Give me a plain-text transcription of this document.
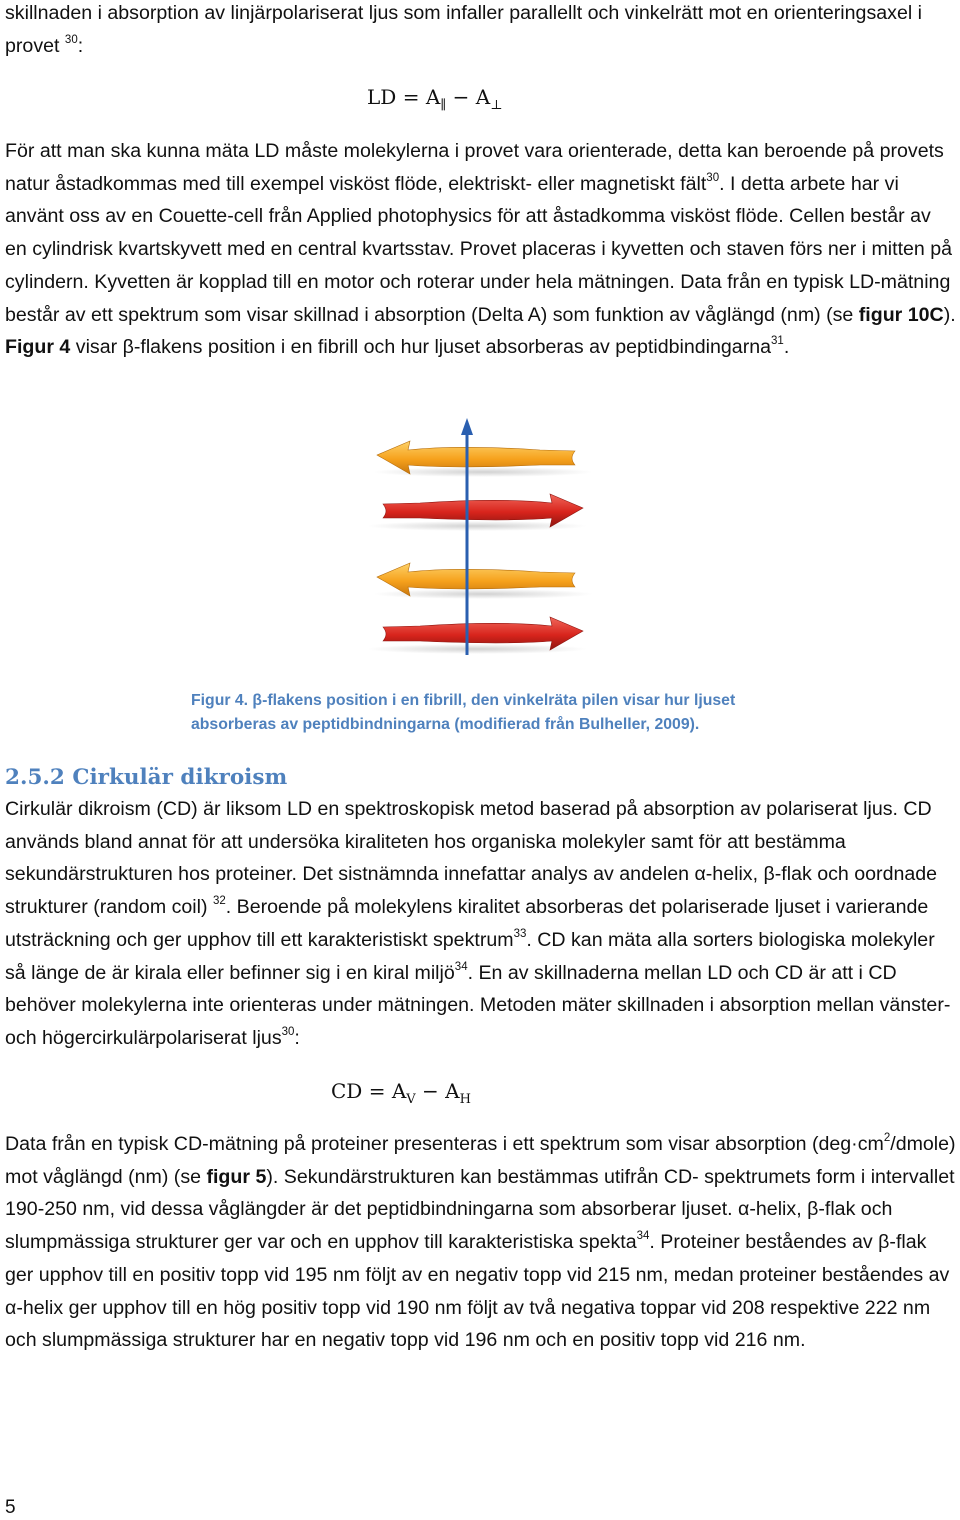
skillnaden i absorption av linjärpolariserat ljus som infaller parallellt och vinkelrätt mot en orienteringsaxel i provet $^{30}$:

LD = $A_\parallel - A_\perp$

För att man ska kunna mäta LD måste molekylerna i provet vara orienterade, detta kan beroende på provets natur åstadkommas med till exempel visköst flöde, elektriskt- eller magnetiskt fält$^{30}$. I detta arbete har vi använt oss av en Couette-cell från Applied photophysics för att åstadkomma visköst flöde. Cellen består av en cylindrisk kvartskyvett med en central kvartsstav. Provet placeras i kyvetten och staven förs ner i mitten på cylindern. Kyvetten är kopplad till en motor och roterar under hela mätningen. Data från en typisk LD-mätning består av ett spektrum som visar skillnad i absorption (Delta A) som funktion av våglängd (nm) (se figur 10C). Figur 4 visar β-flakens position i en fibrill och hur ljuset absorberas av peptidbindingarna$^{31}$.

Figur 4. β-flakens position i en fibrill, den vinkelräta pilen visar hur ljuset absorberas av peptidbindningarna (modifierad från Bulheller, 2009).
2.5.2 Cirkulär dikroism

Cirkulär dikroism (CD) är liksom LD en spektroskopisk metod baserad på absorption av polariserat ljus. CD används bland annat för att undersöka kiraliteten hos organiska molekyler samt för att bestämma sekundärstrukturen hos proteiner. Det sistnämnda innefattar analys av andelen α-helix, β-flak och oordnade strukturer (random coil) $^{32}$. Beroende på molekylens kiralitet absorberas det polariserade ljuset i varierande utsträckning och ger upphov till ett karakteristiskt spektrum$^{33}$. CD kan mäta alla sorters biologiska molekyler så länge de är kirala eller befinner sig i en kiral miljö$^{34}$. En av skillnaderna mellan LD och CD är att i CD behöver molekylerna inte orienteras under mätningen. Metoden mäter skillnaden i absorption mellan vänster- och högercirkulärpolariserat ljus$^{30}$:

CD = $A_V - A_H$

Data från en typisk CD-mätning på proteiner presenteras i ett spektrum som visar absorption $(deg\cdot cm^2/dmole)$ mot våglängd (nm) (se figur 5). Sekundärstrukturen kan bestämmas utifrån CD- spektrumets form i intervallet 190-250 nm, vid dessa våglängder är det peptidbindningarna som absorberar ljuset. α-helix, β-flak och slumpmässiga strukturer ger var och en upphov till karakteristiska spekta$^{34}$. Proteiner beståendes av β-flak ger upphov till en positiv topp vid 195 nm följt av en negativ topp vid 215 nm, medan proteiner beståendes av α-helix ger upphov till en hög positiv topp vid 190 nm följt av två negativa toppar vid 208 respektive 222 nm och slumpmässiga strukturer har en negativ topp vid 196 nm och en positiv topp vid 216 nm.

5
